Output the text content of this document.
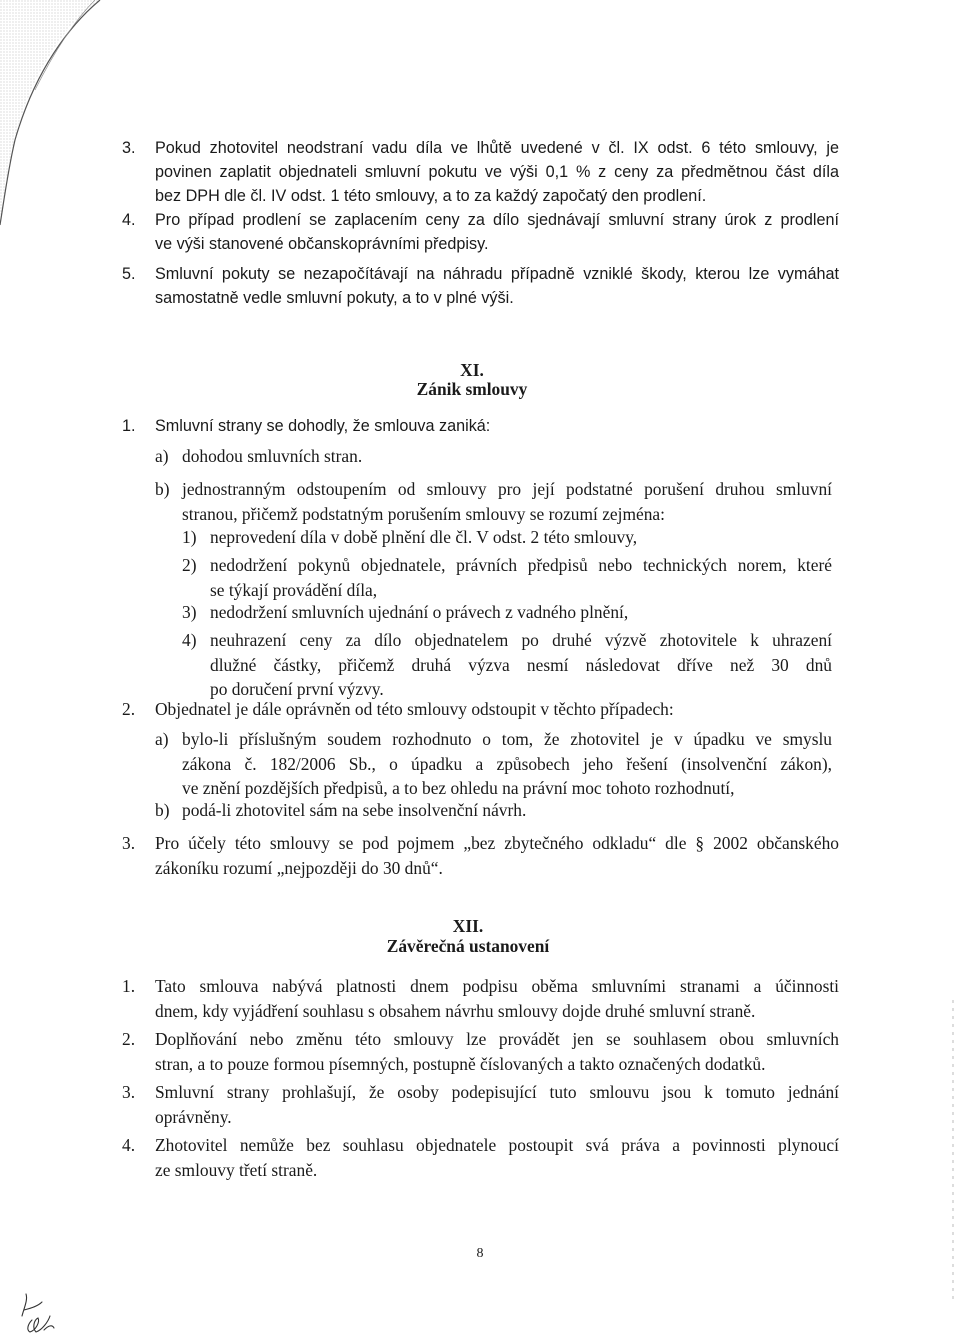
3.	Pokud zhotovitel neodstraní vadu díla ve lhůtě uvedené v čl. IX odst. 6 této smlouvy, je
povinen zaplatit objednateli smluvní pokutu ve výši 0,1 % z ceny za předmětnou část díla
bez DPH dle čl. IV odst. 1 této smlouvy, a to za každý započatý den prodlení.
4.	Pro případ prodlení se zaplacením ceny za dílo sjednávají smluvní strany úrok z prodlení
ve výši stanovené občanskoprávními předpisy.
5.	Smluvní pokuty se nezapočítávají na náhradu případně vzniklé škody, kterou lze vymáhat
samostatně vedle smluvní pokuty, a to v plné výši.
XI.
Zánik smlouvy
1.	Smluvní strany se dohodly, že smlouva zaniká:
a) dohodou smluvních stran.
b) jednostranným odstoupením od smlouvy pro její podstatné porušení druhou smluvní
stranou, přičemž podstatným porušením smlouvy se rozumí zejména:
1) neprovedení díla v době plnění dle čl. V odst. 2 této smlouvy,
2) nedodržení pokynů objednatele, právních předpisů nebo technických norem, které
se týkají provádění díla,
3) nedodržení smluvních ujednání o právech z vadného plnění,
4) neuhrazení ceny za dílo objednatelem po druhé výzvě zhotovitele k uhrazení
dlužné částky, přičemž druhá výzva nesmí následovat dříve než 30 dnů
po doručení první výzvy.
2.	Objednatel je dále oprávněn od této smlouvy odstoupit v těchto případech:
a) bylo-li příslušným soudem rozhodnuto o tom, že zhotovitel je v úpadku ve smyslu
zákona č. 182/2006 Sb., o úpadku a způsobech jeho řešení (insolvenční zákon),
ve znění pozdějších předpisů, a to bez ohledu na právní moc tohoto rozhodnutí,
b) podá-li zhotovitel sám na sebe insolvenční návrh.
3.	Pro účely této smlouvy se pod pojmem „bez zbytečného odkladu“ dle § 2002 občanského
zákoníku rozumí „nejpozději do 30 dnů“.
XII.
Závěrečná ustanovení
1.	Tato smlouva nabývá platnosti dnem podpisu oběma smluvními stranami a účinnosti
dnem, kdy vyjádření souhlasu s obsahem návrhu smlouvy dojde druhé smluvní straně.
2.	Doplňování nebo změnu této smlouvy lze provádět jen se souhlasem obou smluvních
stran, a to pouze formou písemných, postupně číslovaných a takto označených dodatků.
3.	Smluvní strany prohlašují, že osoby podepisující tuto smlouvu jsou k tomuto jednání
oprávněny.
4.	Zhotovitel nemůže bez souhlasu objednatele postoupit svá práva a povinnosti plynoucí
ze smlouvy třetí straně.
8
